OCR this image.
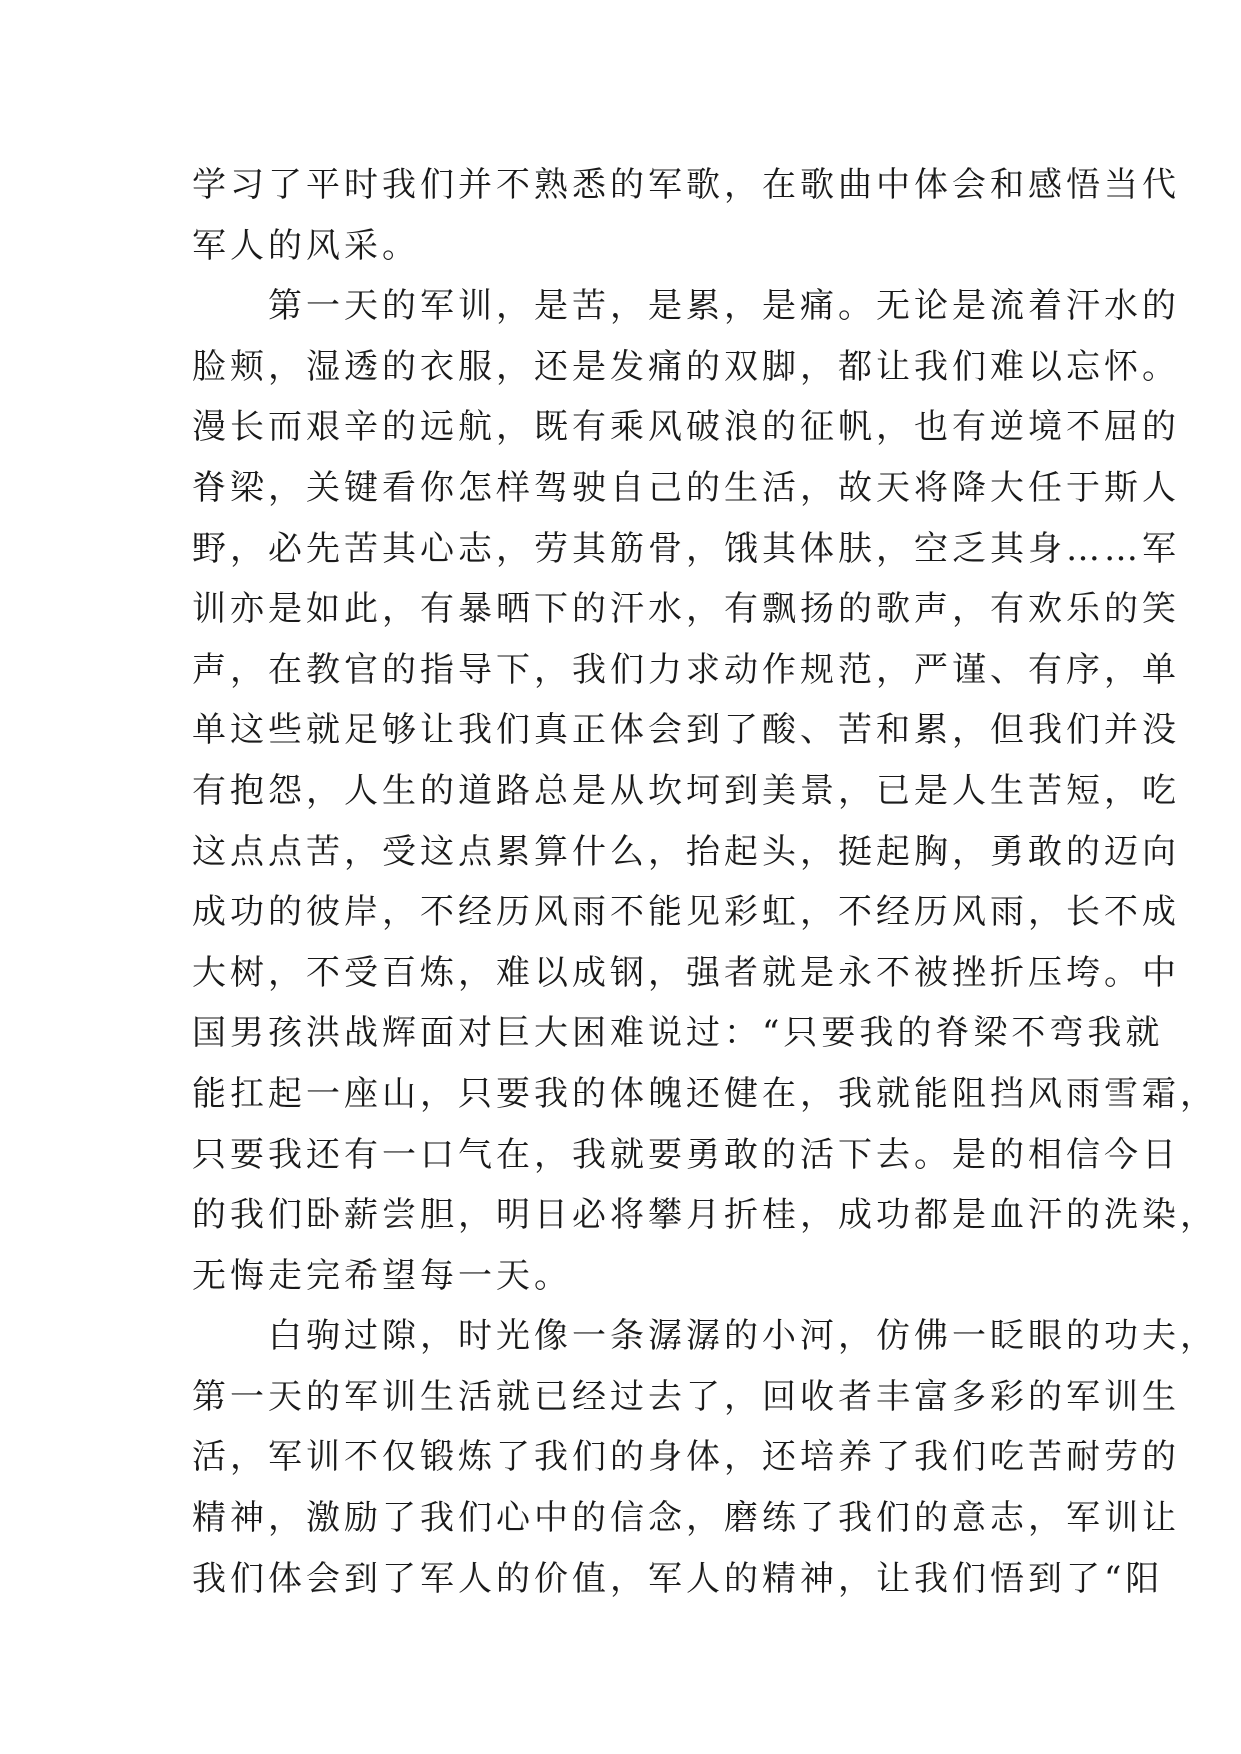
学习了平时我们并不熟悉的军歌，在歌曲中体会和感悟当代
军人的风采。
第一天的军训，是苦，是累，是痛。无论是流着汗水的
脸颊，湿透的衣服，还是发痛的双脚，都让我们难以忘怀。
漫长而艰辛的远航，既有乘风破浪的征帆，也有逆境不屈的
脊梁，关键看你怎样驾驶自己的生活，故天将降大任于斯人
野，必先苦其心志，劳其筋骨，饿其体肤，空乏其身……军
训亦是如此，有暴晒下的汗水，有飘扬的歌声，有欢乐的笑
声，在教官的指导下，我们力求动作规范，严谨、有序，单
单这些就足够让我们真正体会到了酸、苦和累，但我们并没
有抱怨，人生的道路总是从坎坷到美景，已是人生苦短，吃
这点点苦，受这点累算什么，抬起头，挺起胸，勇敢的迈向
成功的彼岸，不经历风雨不能见彩虹，不经历风雨，长不成
大树，不受百炼，难以成钢，强者就是永不被挫折压垮。中
国男孩洪战辉面对巨大困难说过：“只要我的脊梁不弯我就
能扛起一座山，只要我的体魄还健在，我就能阻挡风雨雪霜，
只要我还有一口气在，我就要勇敢的活下去。是的相信今日
的我们卧薪尝胆，明日必将攀月折桂，成功都是血汗的洗染，
无悔走完希望每一天。
白驹过隙，时光像一条潺潺的小河，仿佛一眨眼的功夫，
第一天的军训生活就已经过去了，回收者丰富多彩的军训生
活，军训不仅锻炼了我们的身体，还培养了我们吃苦耐劳的
精神，激励了我们心中的信念，磨练了我们的意志，军训让
我们体会到了军人的价值，军人的精神，让我们悟到了“阳
